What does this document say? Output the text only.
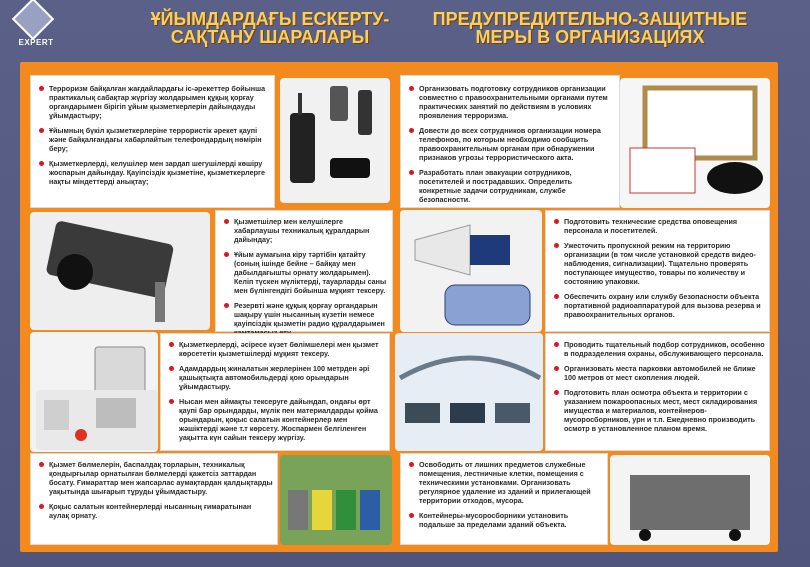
EXPERT
ҰЙЫМДАРДАҒЫ ЕСКЕРТУ-САҚТАНУ ШАРАЛАРЫ
ПРЕДУПРЕДИТЕЛЬНО-ЗАЩИТНЫЕ МЕРЫ В ОРГАНИЗАЦИЯХ
Терроризм байқалған жағдайлардағы іс-әрекеттер бойынша практикалық сабақтар жүргізу жолдарымен құқық қорғау органдарымен бірігіп ұйым қызметкерлерін дайындауды ұйымдастыру;
Ұйымның бүкіл қызметкерлеріне террористік әрекет қаупі және байқалғандағы хабарлайтын телефондардың нөмірін беру;
Қызметкерлерді, келушілер мен зардап шегушілерді көшіру жоспарын дайындау. Қауіпсіздік қызметіне, қызметкерлерге нақты міндеттерді анықтау;
Қызметшілер мен келушілерге хабарлаушы техникалық құралдарын дайындау;
Ұйым аумағына кіру тәртібін қатайту (соның ішінде бейне – байқау мен дабылдағышты орнату жолдарымен). Келіп түскен мүліктерді, тауарларды саны мен бүлінгендігі бойынша мұқият тексеру.
Резервті және құқық қорғау органдарын шақыру үшін нысанның күзетін немесе қауіпсіздік қызметін радио құралдарымен
Қызметкерлерді, әсіресе күзет бөлімшелері мен қызмет көрсететін қызметшілерді мұқият тексеру.
Адамдардың жиналатын жерлерінен 100 метрден әрі қашықтықта автомобильдерді қою орындарын ұйымдастыру.
Нысан мен аймақты тексеруге дайындап, ондағы өрт қаупі бар орындарды, мүлік пен материалдарды қойма орындарын, қоқыс салатын контейнерлер мен жәшіктерді және т.т көрсету. Жоспармен белгіленген уақытта күн сайын тексеру жүргізу.
Қызмет бөлмелерін, баспалдақ торларын, техникалық қондырғылар орнатылған бөлмелерді қажетсіз заттардан босату. Ғимараттар мен жапсарлас аумақтардан қалдықтарды уақытында шығарып тұруды ұйымдастыру.
Қоқыс салатын контейнерлерді нысанның ғимаратынан аулақ орнату.
Организовать подготовку сотрудников организации совместно с правоохранительными органами путем практических занятий по действиям в условиях проявления терроризма.
Довести до всех сотрудников организации номера телефонов, по которым необходимо сообщить правоохранительным органам при обнаружении признаков угрозы террористического акта.
Разработать план эвакуации сотрудников, посетителей и пострадавших. Определить конкретные задачи сотрудникам, службе безопасности.
Подготовить технические средства оповещения персонала и посетителей.
Ужесточить пропускной режим на территорию организации (в том числе установкой средств видео-наблюдения, сигнализации). Тщательно проверять поступающее имущество, товары по количеству и состоянию упаковки.
Обеспечить охрану или службу безопасности объекта портативной радиоаппаратурой для вызова резерва и правоохранительных органов.
Проводить тщательный подбор сотрудников, особенно в подразделения охраны, обслуживающего персонала.
Организовать места парковки автомобилей не ближе 100 метров от мест скопления людей.
Подготовить план осмотра объекта и территории с указанием пожароопасных мест, мест складирования имущества и материалов, контейнеров-мусоросборников, урн и т.п. Ежедневно производить осмотр в установленное планом время.
Освободить от лишних предметов служебные помещения, лестничные клетки, помещения с техническими установками. Организовать регулярное удаление из зданий и прилегающей территории отходов, мусора.
Контейнеры-мусоросборники установить подальше за пределами зданий объекта.
